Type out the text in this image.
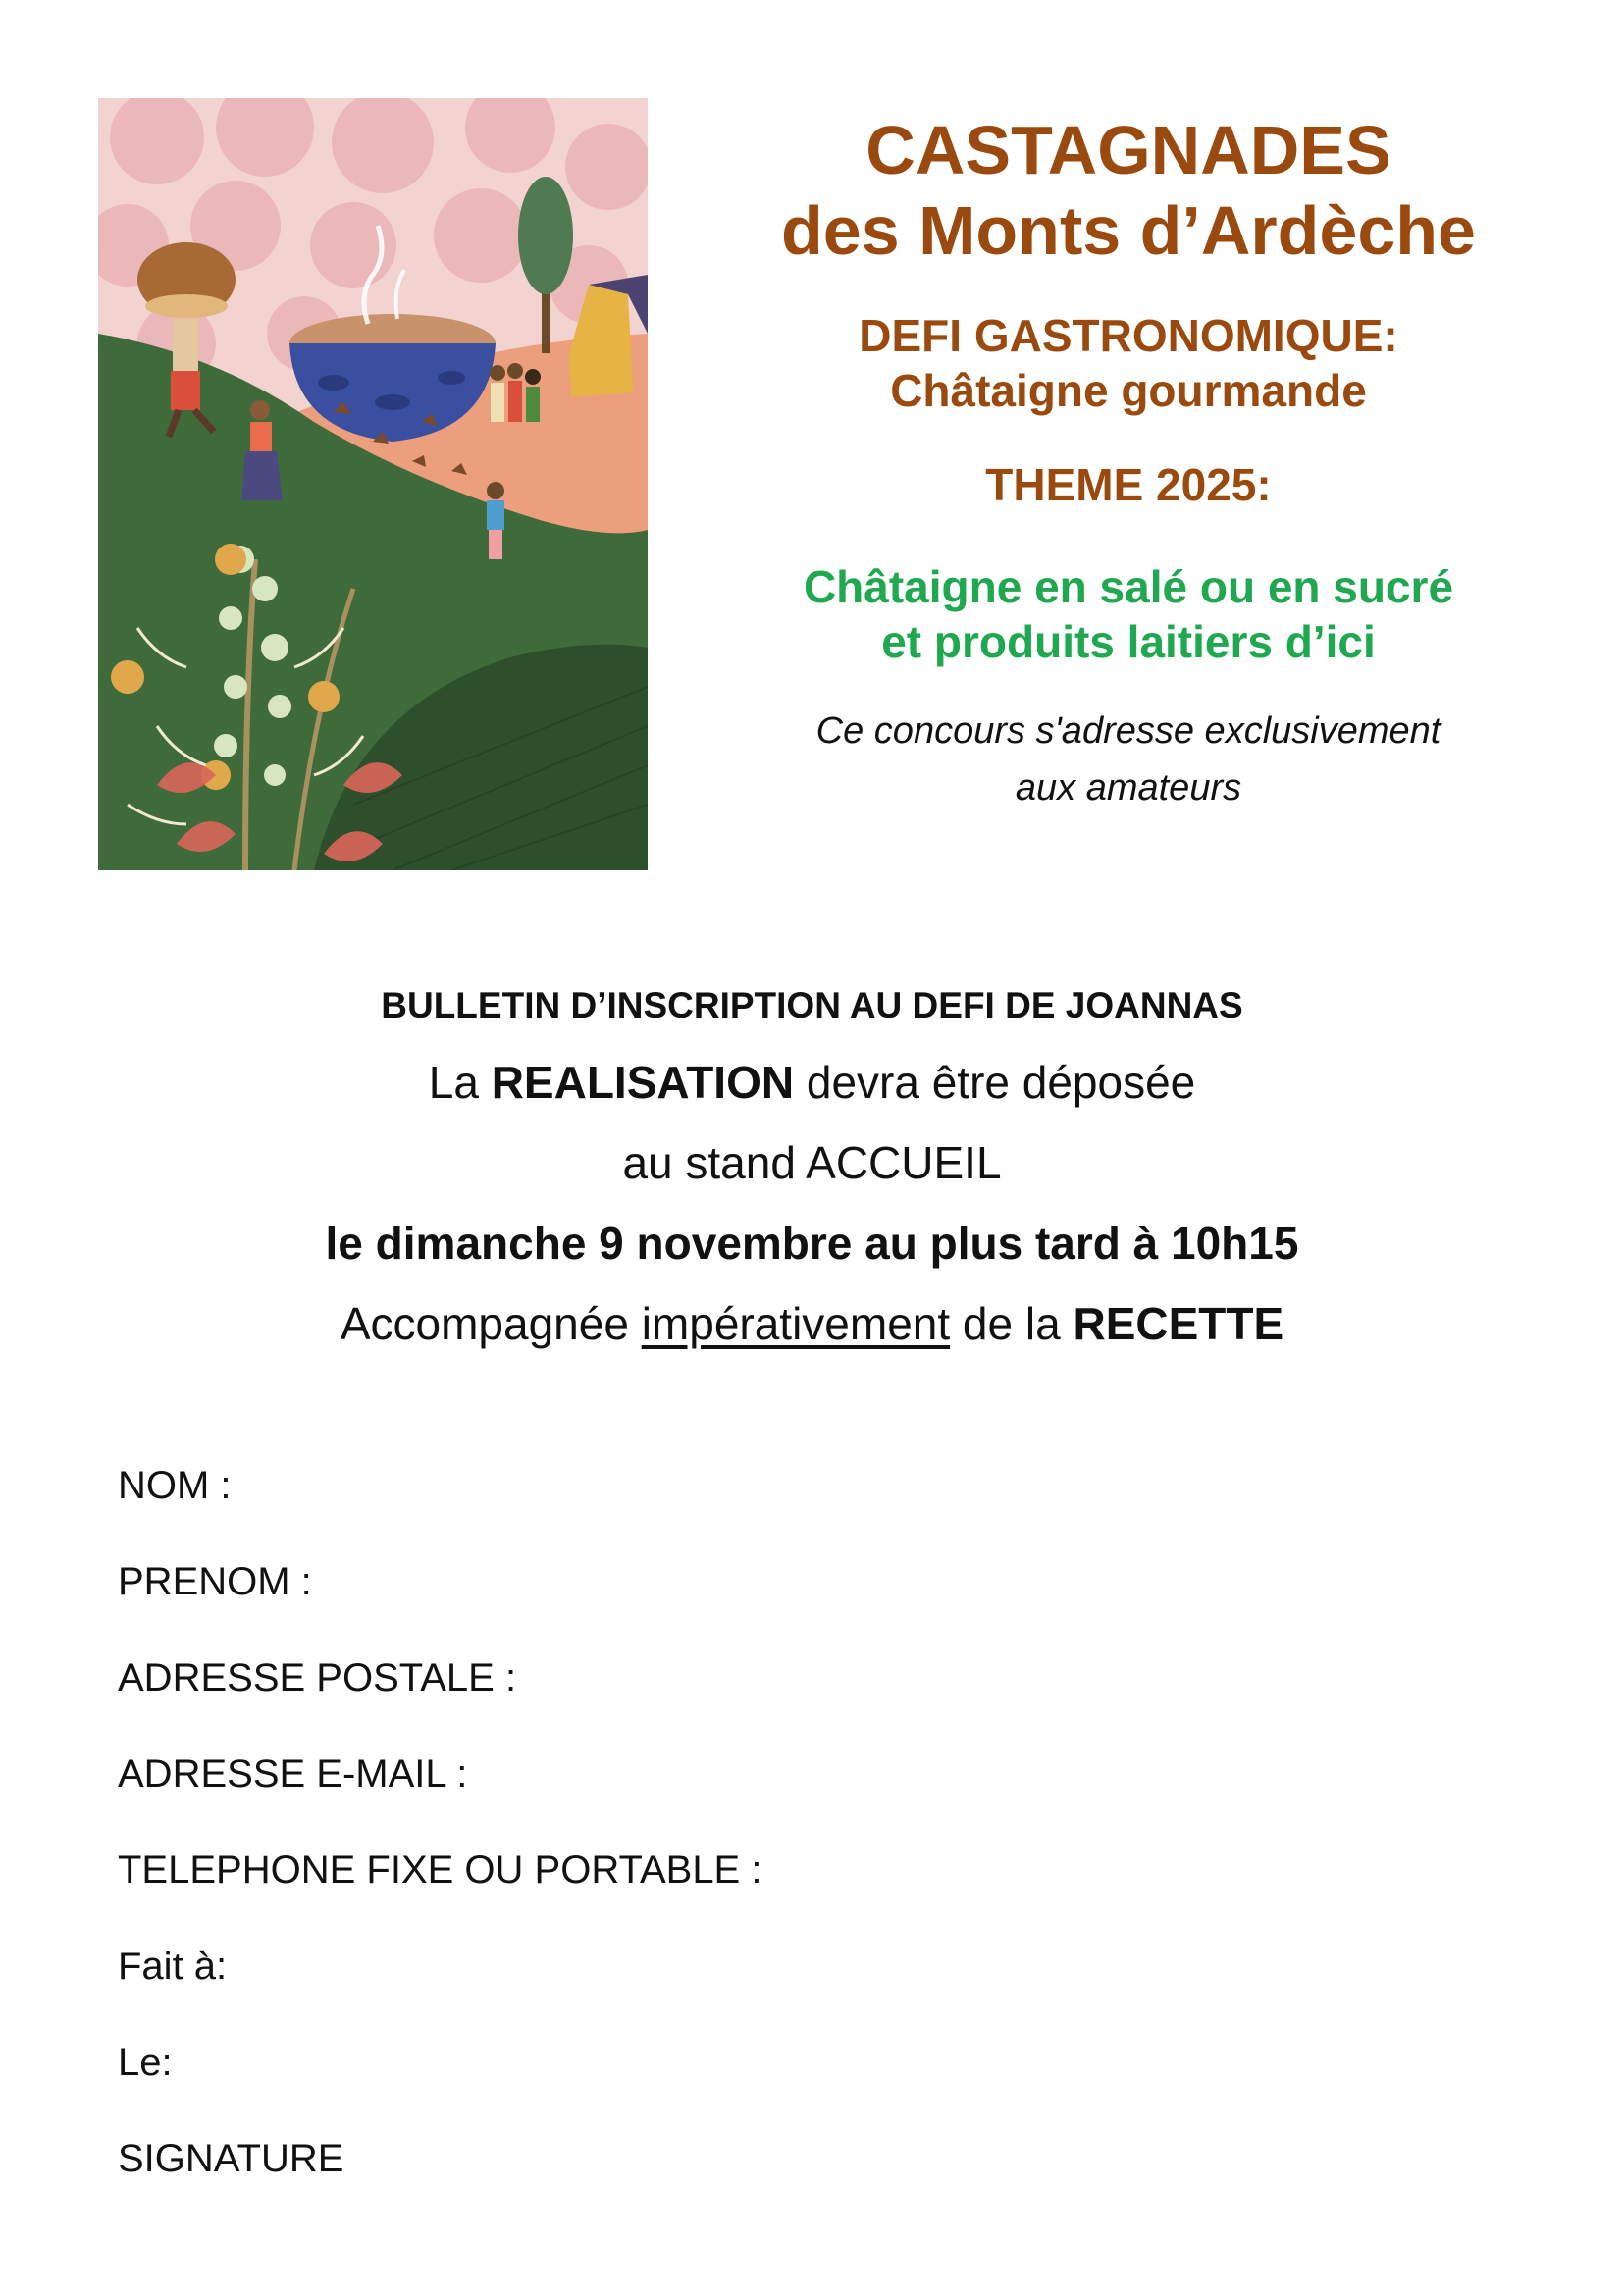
CASTAGNADES
des Monts d’Ardèche

DEFI GASTRONOMIQUE:
Châtaigne gourmande

THEME 2025:

Châtaigne en salé ou en sucré
et produits laitiers d’ici

Ce concours s'adresse exclusivement
aux amateurs

BULLETIN D’INSCRIPTION AU DEFI DE JOANNAS

La REALISATION devra être déposée

au stand ACCUEIL

le dimanche 9 novembre au plus tard à 10h15

Accompagnée impérativement de la RECETTE

NOM :

PRENOM :

ADRESSE POSTALE :

ADRESSE E-MAIL :

TELEPHONE FIXE OU PORTABLE :

Fait à:

Le:

SIGNATURE
